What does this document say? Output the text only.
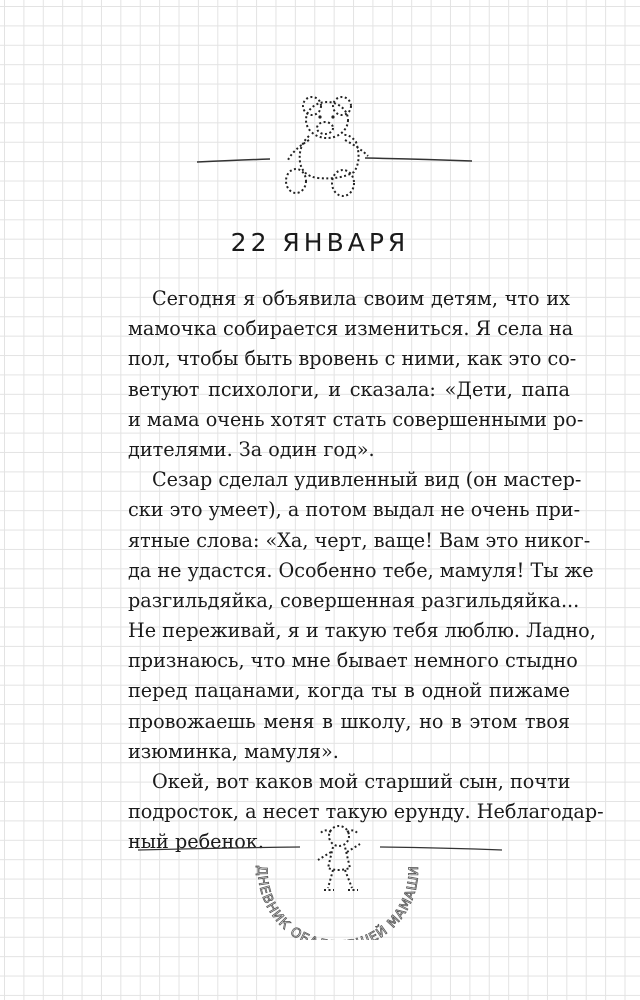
22 ЯНВАРЯ
Сегодня я объявила своим детям, что их
мамочка собирается измениться. Я села на
пол, чтобы быть вровень с ними, как это со-
ветуют психологи, и сказала: «Дети, папа
и мама очень хотят стать совершенными ро-
дителями. За один год».
Сезар сделал удивленный вид (он мастер-
ски это умеет), а потом выдал не очень при-
ятные слова: «Ха, черт, ваще! Вам это никог-
да не удастся. Особенно тебе, мамуля! Ты же
разгильдяйка, совершенная разгильдяйка...
Не переживай, я и такую тебя люблю. Ладно,
признаюсь, что мне бывает немного стыдно
перед пацанами, когда ты в одной пижаме
провожаешь меня в школу, но в этом твоя
изюминка, мамуля».
Окей, вот каков мой старший сын, почти
подросток, а несет такую ерунду. Неблагодар-
ный ребенок.
ДНЕВНИК ОБ ЕЙ МАМАШИ
